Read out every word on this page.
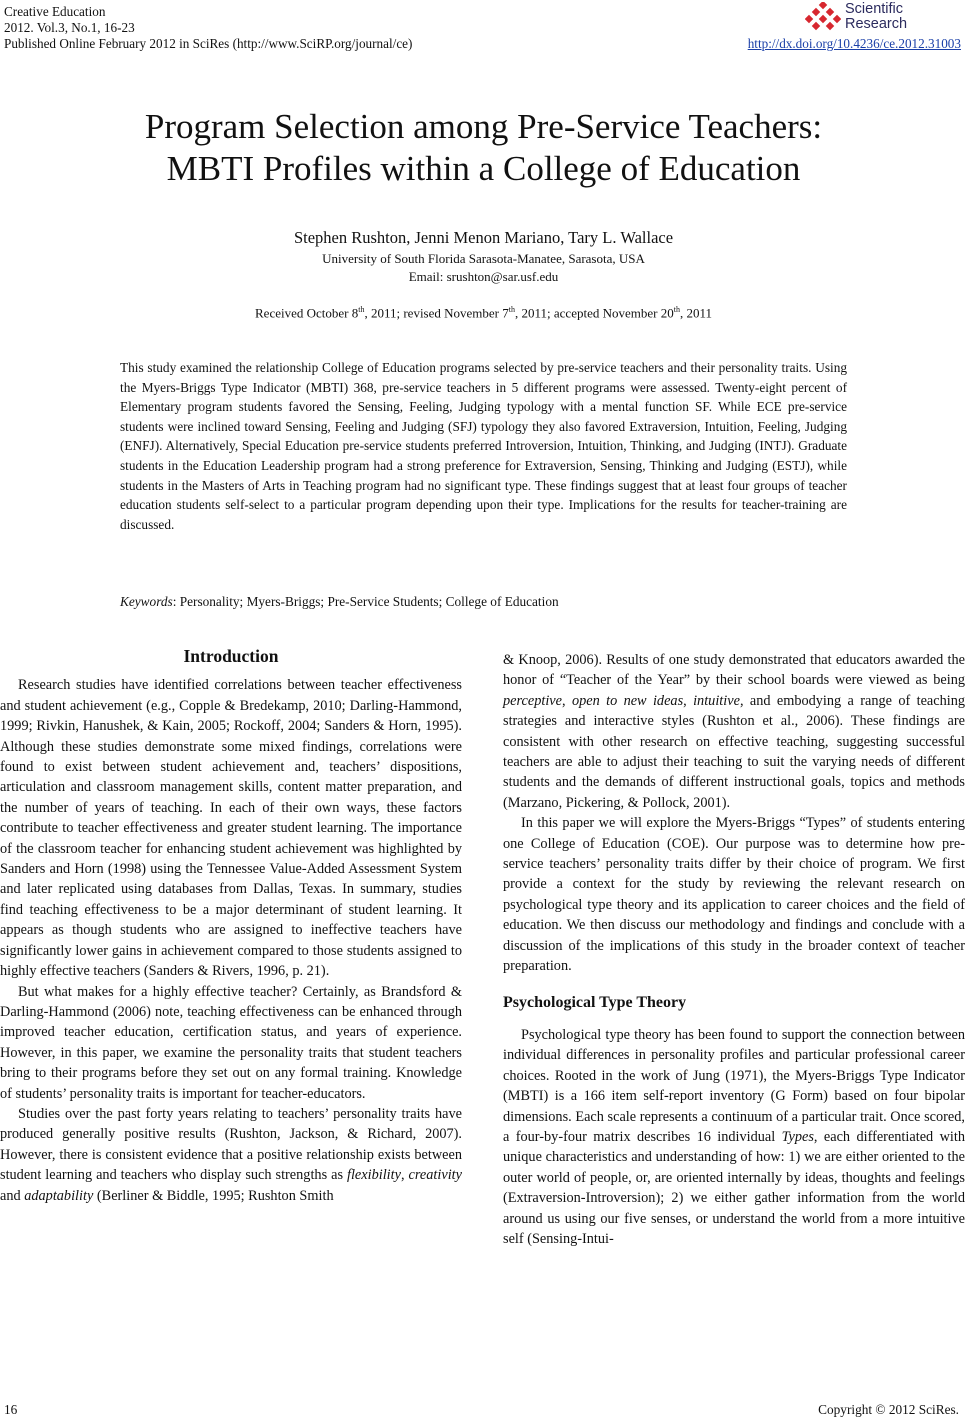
Creative Education
2012. Vol.3, No.1, 16-23
Published Online February 2012 in SciRes (http://www.SciRP.org/journal/ce)	http://dx.doi.org/10.4236/ce.2012.31003
Scientific
Research
Program Selection among Pre-Service Teachers:
MBTI Profiles within a College of Education
Stephen Rushton, Jenni Menon Mariano, Tary L. Wallace
University of South Florida Sarasota-Manatee, Sarasota, USA
Email: srushton@sar.usf.edu
Received October 8th, 2011; revised November 7th, 2011; accepted November 20th, 2011
This study examined the relationship College of Education programs selected by pre-service teachers and their personality traits. Using the Myers-Briggs Type Indicator (MBTI) 368, pre-service teachers in 5 different programs were assessed. Twenty-eight percent of Elementary program students favored the Sensing, Feeling, Judging typology with a mental function SF. While ECE pre-service students were inclined toward Sensing, Feeling and Judging (SFJ) typology they also favored Extraversion, Intuition, Feeling, Judging (ENFJ). Alternatively, Special Education pre-service students preferred Introversion, Intuition, Thinking, and Judging (INTJ). Graduate students in the Education Leadership program had a strong preference for Extraversion, Sensing, Thinking and Judging (ESTJ), while students in the Masters of Arts in Teaching program had no significant type. These findings suggest that at least four groups of teacher education students self-select to a particular program depending upon their type. Implications for the results for teacher-training are discussed.
Keywords: Personality; Myers-Briggs; Pre-Service Students; College of Education
Introduction

Research studies have identified correlations between teacher effectiveness and student achievement (e.g., Copple & Bredekamp, 2010; Darling-Hammond, 1999; Rivkin, Hanushek, & Kain, 2005; Rockoff, 2004; Sanders & Horn, 1995). Although these studies demonstrate some mixed findings, correlations were found to exist between student achievement and, teachers’ dispositions, articulation and classroom management skills, content matter preparation, and the number of years of teaching. In each of their own ways, these factors contribute to teacher effectiveness and greater student learning. The importance of the classroom teacher for enhancing student achievement was highlighted by Sanders and Horn (1998) using the Tennessee Value-Added Assessment System and later replicated using databases from Dallas, Texas. In summary, studies find teaching effectiveness to be a major determinant of student learning. It appears as though students who are assigned to ineffective teachers have significantly lower gains in achievement compared to those students assigned to highly effective teachers (Sanders & Rivers, 1996, p. 21).

But what makes for a highly effective teacher? Certainly, as Brandsford & Darling-Hammond (2006) note, teaching effectiveness can be enhanced through improved teacher education, certification status, and years of experience. However, in this paper, we examine the personality traits that student teachers bring to their programs before they set out on any formal training. Knowledge of students’ personality traits is important for teacher-educators.

Studies over the past forty years relating to teachers’ personality traits have produced generally positive results (Rushton, Jackson, & Richard, 2007). However, there is consistent evidence that a positive relationship exists between student learning and teachers who display such strengths as flexibility, creativity and adaptability (Berliner & Biddle, 1995; Rushton Smith

& Knoop, 2006). Results of one study demonstrated that educators awarded the honor of “Teacher of the Year” by their school boards were viewed as being perceptive, open to new ideas, intuitive, and embodying a range of teaching strategies and interactive styles (Rushton et al., 2006). These findings are consistent with other research on effective teaching, suggesting successful teachers are able to adjust their teaching to suit the varying needs of different students and the demands of different instructional goals, topics and methods (Marzano, Pickering, & Pollock, 2001).

In this paper we will explore the Myers-Briggs “Types” of students entering one College of Education (COE). Our purpose was to determine how pre-service teachers’ personality traits differ by their choice of program. We first provide a context for the study by reviewing the relevant research on psychological type theory and its application to career choices and the field of education. We then discuss our methodology and findings and conclude with a discussion of the implications of this study in the broader context of teacher preparation.

Psychological Type Theory

Psychological type theory has been found to support the connection between individual differences in personality profiles and particular professional career choices. Rooted in the work of Jung (1971), the Myers-Briggs Type Indicator (MBTI) is a 166 item self-report inventory (G Form) based on four bipolar dimensions. Each scale represents a continuum of a particular trait. Once scored, a four-by-four matrix describes 16 individual Types, each differentiated with unique characteristics and understanding of how: 1) we are either oriented to the outer world of people, or, are oriented internally by ideas, thoughts and feelings (Extraversion-Introversion); 2) we either gather information from the world around us using our five senses, or understand the world from a more intuitive self (Sensing-Intui-

16	Copyright © 2012 SciRes.
